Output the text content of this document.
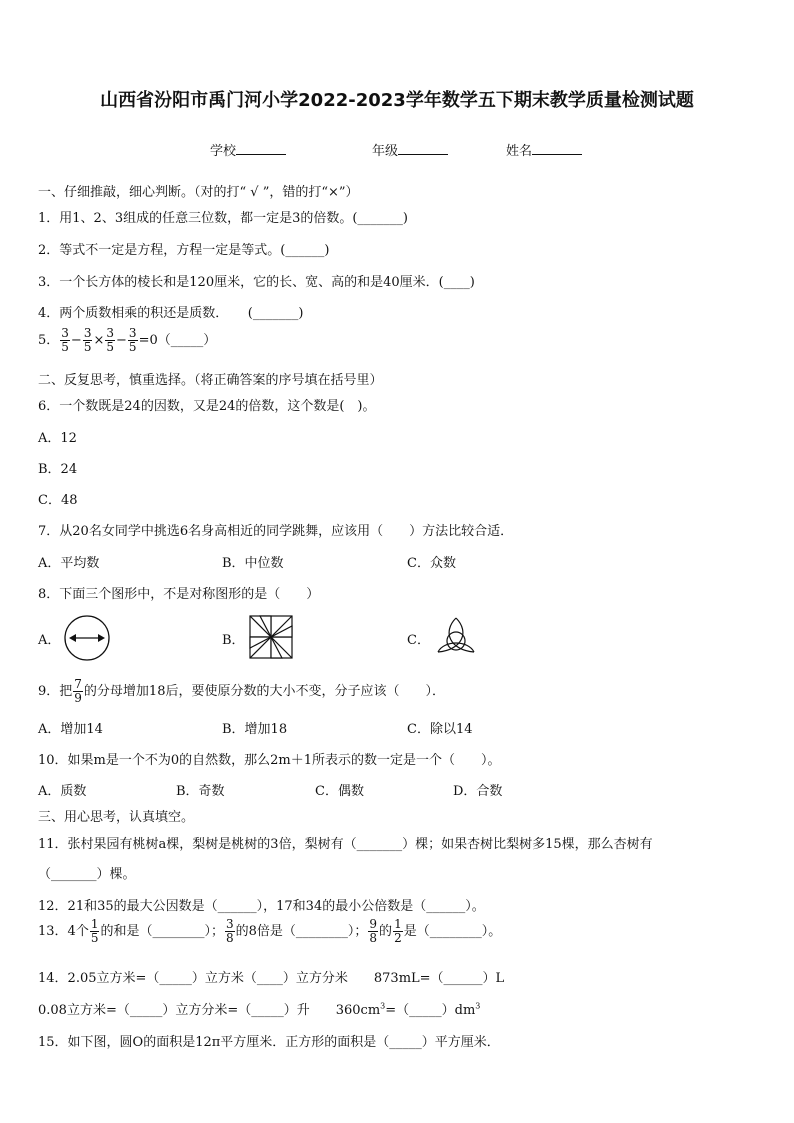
山西省汾阳市禹门河小学2022-2023学年数学五下期末教学质量检测试题
学校	年级	姓名
一、仔细推敲，细心判断。（对的打“ √ ”，错的打“×”）
1．用1、2、3组成的任意三位数，都一定是3的倍数。(_______)
2．等式不一定是方程，方程一定是等式。(______)
3．一个长方体的棱长和是120厘米，它的长、宽、高的和是40厘米．(____)
4．两个质数相乘的积还是质数．　　(_______)
5． $\frac{3}{5} - \frac{3}{5} \times \frac{3}{5} - \frac{3}{5}$ =0（_____）
二、反复思考，慎重选择。（将正确答案的序号填在括号里）
6．一个数既是24的因数，又是24的倍数，这个数是(　)。
A．12
B．24
C．48
7．从20名女同学中挑选6名身高相近的同学跳舞，应该用（　　）方法比较合适．
A．平均数	B．中位数	C．众数
8．下面三个图形中，不是对称图形的是（　　）
A．	B．	C．
9．把 $\frac{7}{9}$ 的分母增加18后，要使原分数的大小不变，分子应该（　　）．
A．增加14	B．增加18	C．除以14
10．如果m是一个不为0的自然数，那么2m＋1所表示的数一定是一个（　　）。
A．质数	B．奇数	C．偶数	D．合数
三、用心思考，认真填空。
11．张村果园有桃树a棵，梨树是桃树的3倍，梨树有（_______）棵；如果杏树比梨树多15棵，那么杏树有
（_______）棵。
12．21和35的最大公因数是（______），17和34的最小公倍数是（______）。
13．4个 $\frac{1}{5}$ 的和是（________）； $\frac{3}{8}$ 的8倍是（________）； $\frac{9}{8}$ 的 $\frac{1}{2}$ 是（________）。
14．2.05立方米=（_____）立方米（____）立方分米　　873mL=（______）L
0.08立方米=（_____）立方分米=（_____）升　　$360cm^3=(\_\_\_\_\_)dm^3$
15．如下图，圆O的面积是12π平方厘米．正方形的面积是（_____）平方厘米．
